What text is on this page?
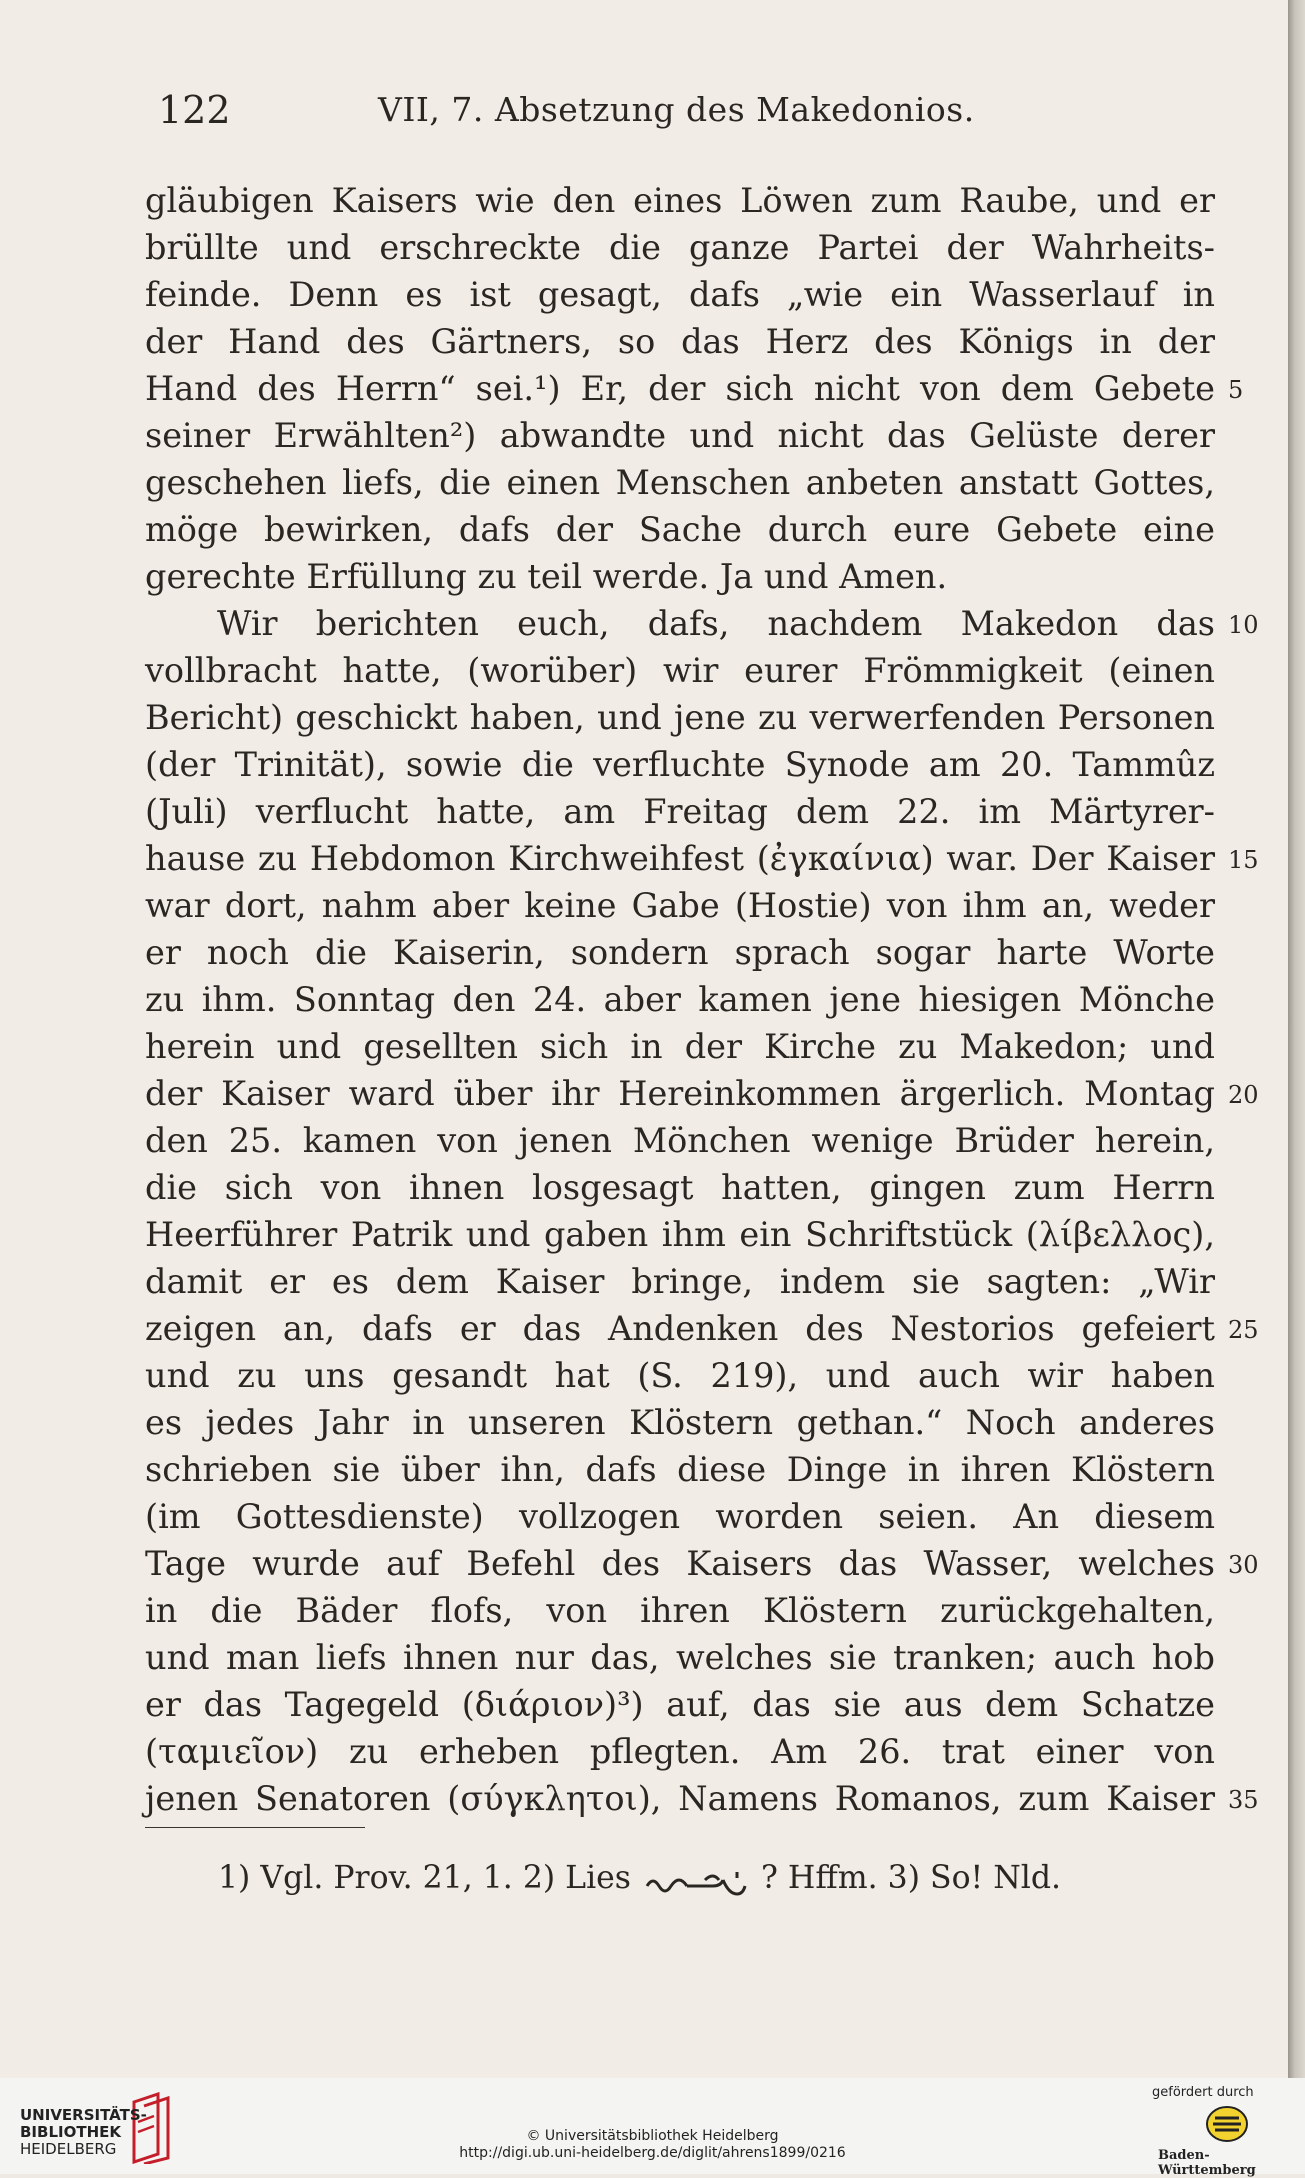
122	VII, 7. Absetzung des Makedonios.
gläubigen Kaisers wie den eines Löwen zum Raube, und er
brüllte und erschreckte die ganze Partei der Wahrheits-
feinde. Denn es ist gesagt, dafs „wie ein Wasserlauf in
der Hand des Gärtners, so das Herz des Königs in der
Hand des Herrn“ sei.¹) Er, der sich nicht von dem Gebete 5
seiner Erwählten²) abwandte und nicht das Gelüste derer
geschehen liefs, die einen Menschen anbeten anstatt Gottes,
möge bewirken, dafs der Sache durch eure Gebete eine
gerechte Erfüllung zu teil werde. Ja und Amen.
Wir berichten euch, dafs, nachdem Makedon das 10
vollbracht hatte, (worüber) wir eurer Frömmigkeit (einen
Bericht) geschickt haben, und jene zu verwerfenden Personen
(der Trinität), sowie die verfluchte Synode am 20. Tammûz
(Juli) verflucht hatte, am Freitag dem 22. im Märtyrer-
hause zu Hebdomon Kirchweihfest (ἐγκαίνια) war. Der Kaiser 15
war dort, nahm aber keine Gabe (Hostie) von ihm an, weder
er noch die Kaiserin, sondern sprach sogar harte Worte
zu ihm. Sonntag den 24. aber kamen jene hiesigen Mönche
herein und gesellten sich in der Kirche zu Makedon; und
der Kaiser ward über ihr Hereinkommen ärgerlich. Montag 20
den 25. kamen von jenen Mönchen wenige Brüder herein,
die sich von ihnen losgesagt hatten, gingen zum Herrn
Heerführer Patrik und gaben ihm ein Schriftstück (λίβελλος),
damit er es dem Kaiser bringe, indem sie sagten: „Wir
zeigen an, dafs er das Andenken des Nestorios gefeiert 25
und zu uns gesandt hat (S. 219), und auch wir haben
es jedes Jahr in unseren Klöstern gethan.“ Noch anderes
schrieben sie über ihn, dafs diese Dinge in ihren Klöstern
(im Gottesdienste) vollzogen worden seien. An diesem
Tage wurde auf Befehl des Kaisers das Wasser, welches 30
in die Bäder flofs, von ihren Klöstern zurückgehalten,
und man liefs ihnen nur das, welches sie tranken; auch hob
er das Tagegeld (διάριον)³) auf, das sie aus dem Schatze
(ταμιεῖον) zu erheben pflegten. Am 26. trat einer von
jenen Senatoren (σύγκλητοι), Namens Romanos, zum Kaiser 35
1) Vgl. Prov. 21, 1. 2) Lies	? Hffm. 3) So! Nld.
UNIVERSITÄTS-
BIBLIOTHEK
HEIDELBERG
© Universitätsbibliothek Heidelberg
http://digi.ub.uni-heidelberg.de/diglit/ahrens1899/0216
gefördert durch
Baden-Württemberg
